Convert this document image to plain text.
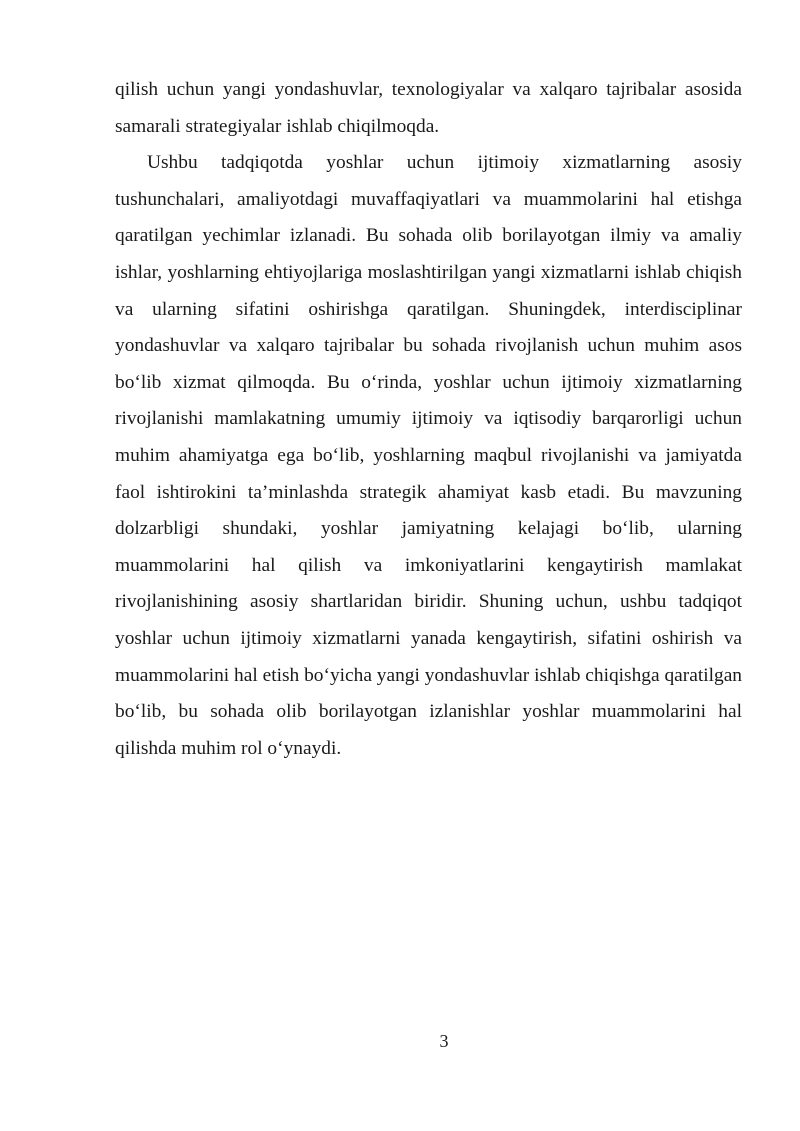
qilish uchun yangi yondashuvlar, texnologiyalar va xalqaro tajribalar asosida samarali strategiyalar ishlab chiqilmoqda.

Ushbu tadqiqotda yoshlar uchun ijtimoiy xizmatlarning asosiy tushunchalari, amaliyotdagi muvaffaqiyatlari va muammolarini hal etishga qaratilgan yechimlar izlanadi. Bu sohada olib borilayotgan ilmiy va amaliy ishlar, yoshlarning ehtiyojlariga moslashtirilgan yangi xizmatlarni ishlab chiqish va ularning sifatini oshirishga qaratilgan. Shuningdek, interdisciplinar yondashuvlar va xalqaro tajribalar bu sohada rivojlanish uchun muhim asos boʻlib xizmat qilmoqda. Bu oʻrinda, yoshlar uchun ijtimoiy xizmatlarning rivojlanishi mamlakatning umumiy ijtimoiy va iqtisodiy barqarorligi uchun muhim ahamiyatga ega boʻlib, yoshlarning maqbul rivojlanishi va jamiyatda faol ishtirokini ta’minlashda strategik ahamiyat kasb etadi. Bu mavzuning dolzarbligi shundaki, yoshlar jamiyatning kelajagi boʻlib, ularning muammolarini hal qilish va imkoniyatlarini kengaytirish mamlakat rivojlanishining asosiy shartlaridan biridir. Shuning uchun, ushbu tadqiqot yoshlar uchun ijtimoiy xizmatlarni yanada kengaytirish, sifatini oshirish va muammolarini hal etish boʻyicha yangi yondashuvlar ishlab chiqishga qaratilgan boʻlib, bu sohada olib borilayotgan izlanishlar yoshlar muammolarini hal qilishda muhim rol oʻynaydi.

3
